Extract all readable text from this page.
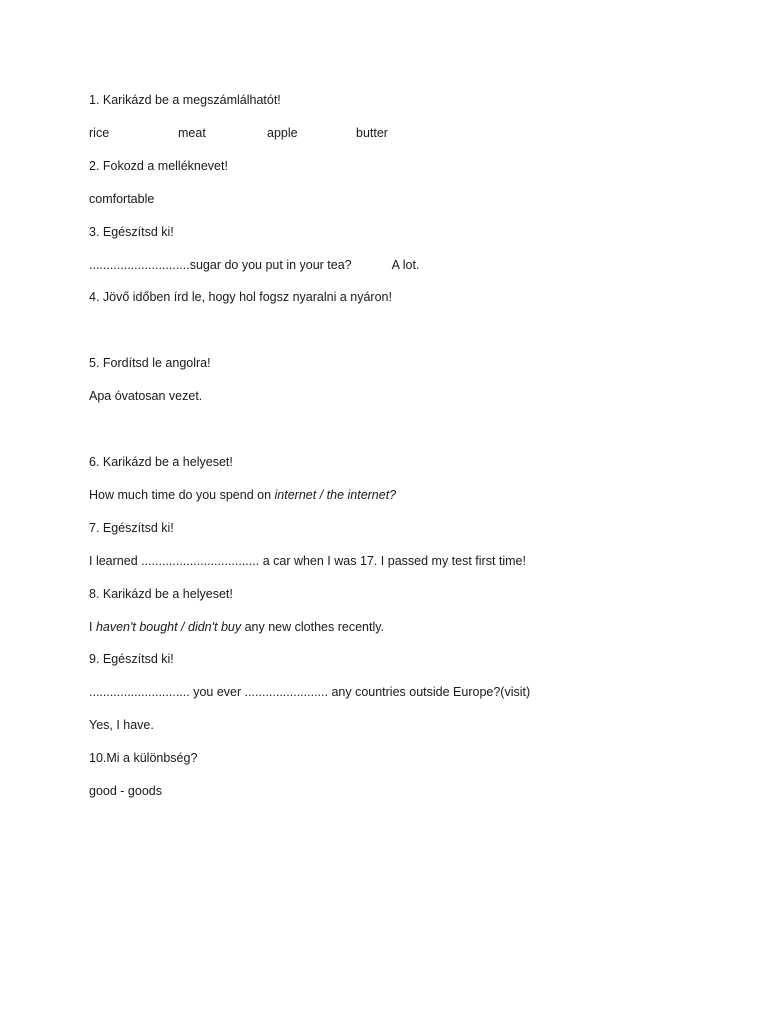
1. Karikázd be a megszámlálhatót!
rice	meat	apple	butter
2. Fokozd a melléknevet!
comfortable
3. Egészítsd ki!
.............................sugar do you put in your tea?	A lot.
4. Jövő időben írd le, hogy hol fogsz nyaralni a nyáron!
5. Fordítsd le angolra!
Apa óvatosan vezet.
6. Karikázd be a helyeset!
How much time do you spend on internet / the internet?
7. Egészítsd ki!
I learned .................................. a car when I was 17. I passed my test first time!
8. Karikázd be a helyeset!
I haven't bought / didn't buy any new clothes recently.
9. Egészítsd ki!
............................. you ever ........................ any countries outside Europe?(visit)
Yes, I have.
10.Mi a különbség?
good - goods
